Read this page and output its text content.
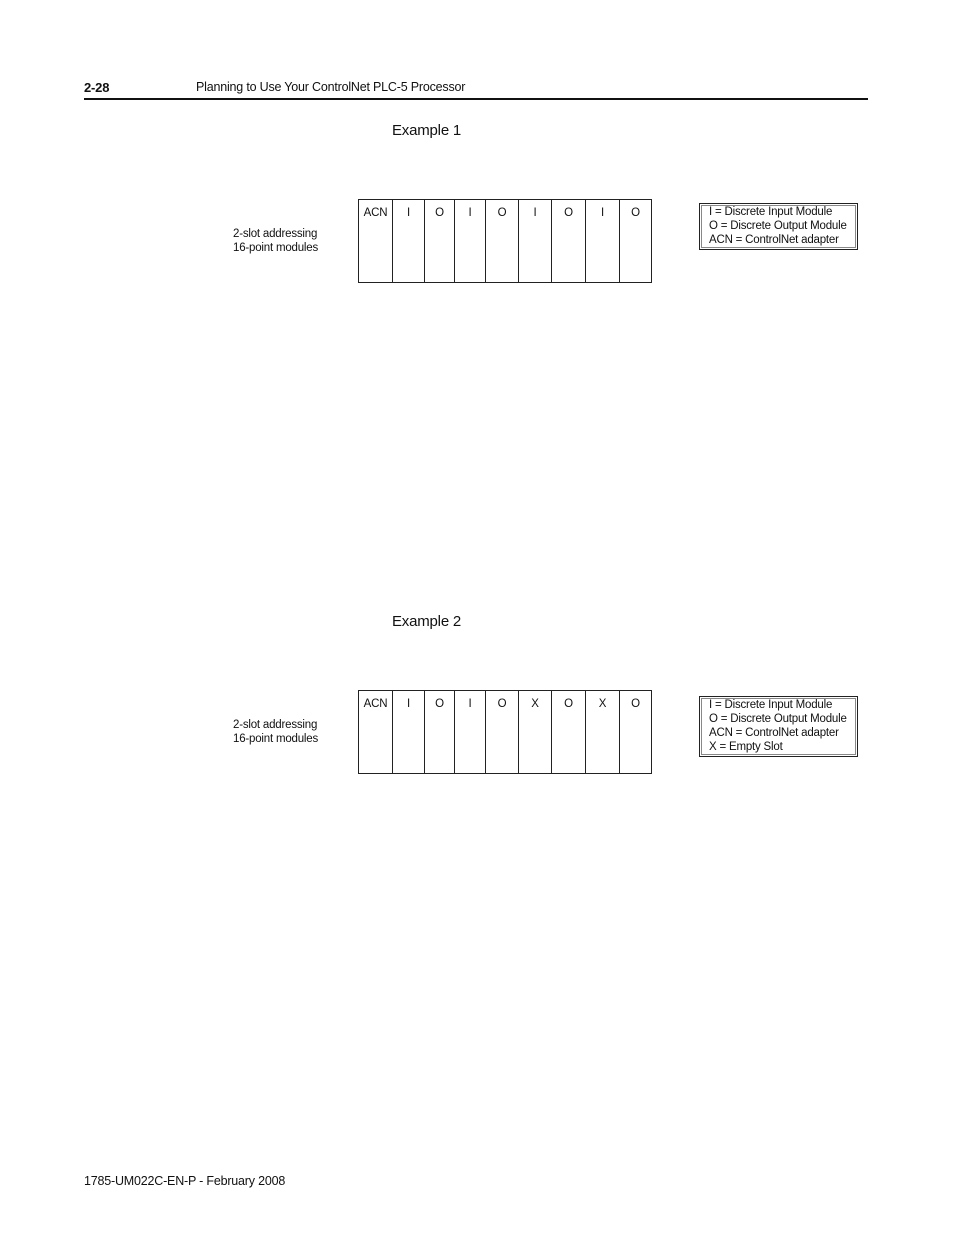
2-28	Planning to Use Your ControlNet PLC-5 Processor
Example 1
2-slot addressing
16-point modules
ACN	I	O	I	O	I	O	I	O	I = Discrete Input Module
O = Discrete Output Module
ACN = ControlNet adapter
Example 2
2-slot addressing
16-point modules
ACN	I	O	I	O	X	O	X	O	I = Discrete Input Module
O = Discrete Output Module
ACN = ControlNet adapter
X = Empty Slot
1785-UM022C-EN-P - February 2008
